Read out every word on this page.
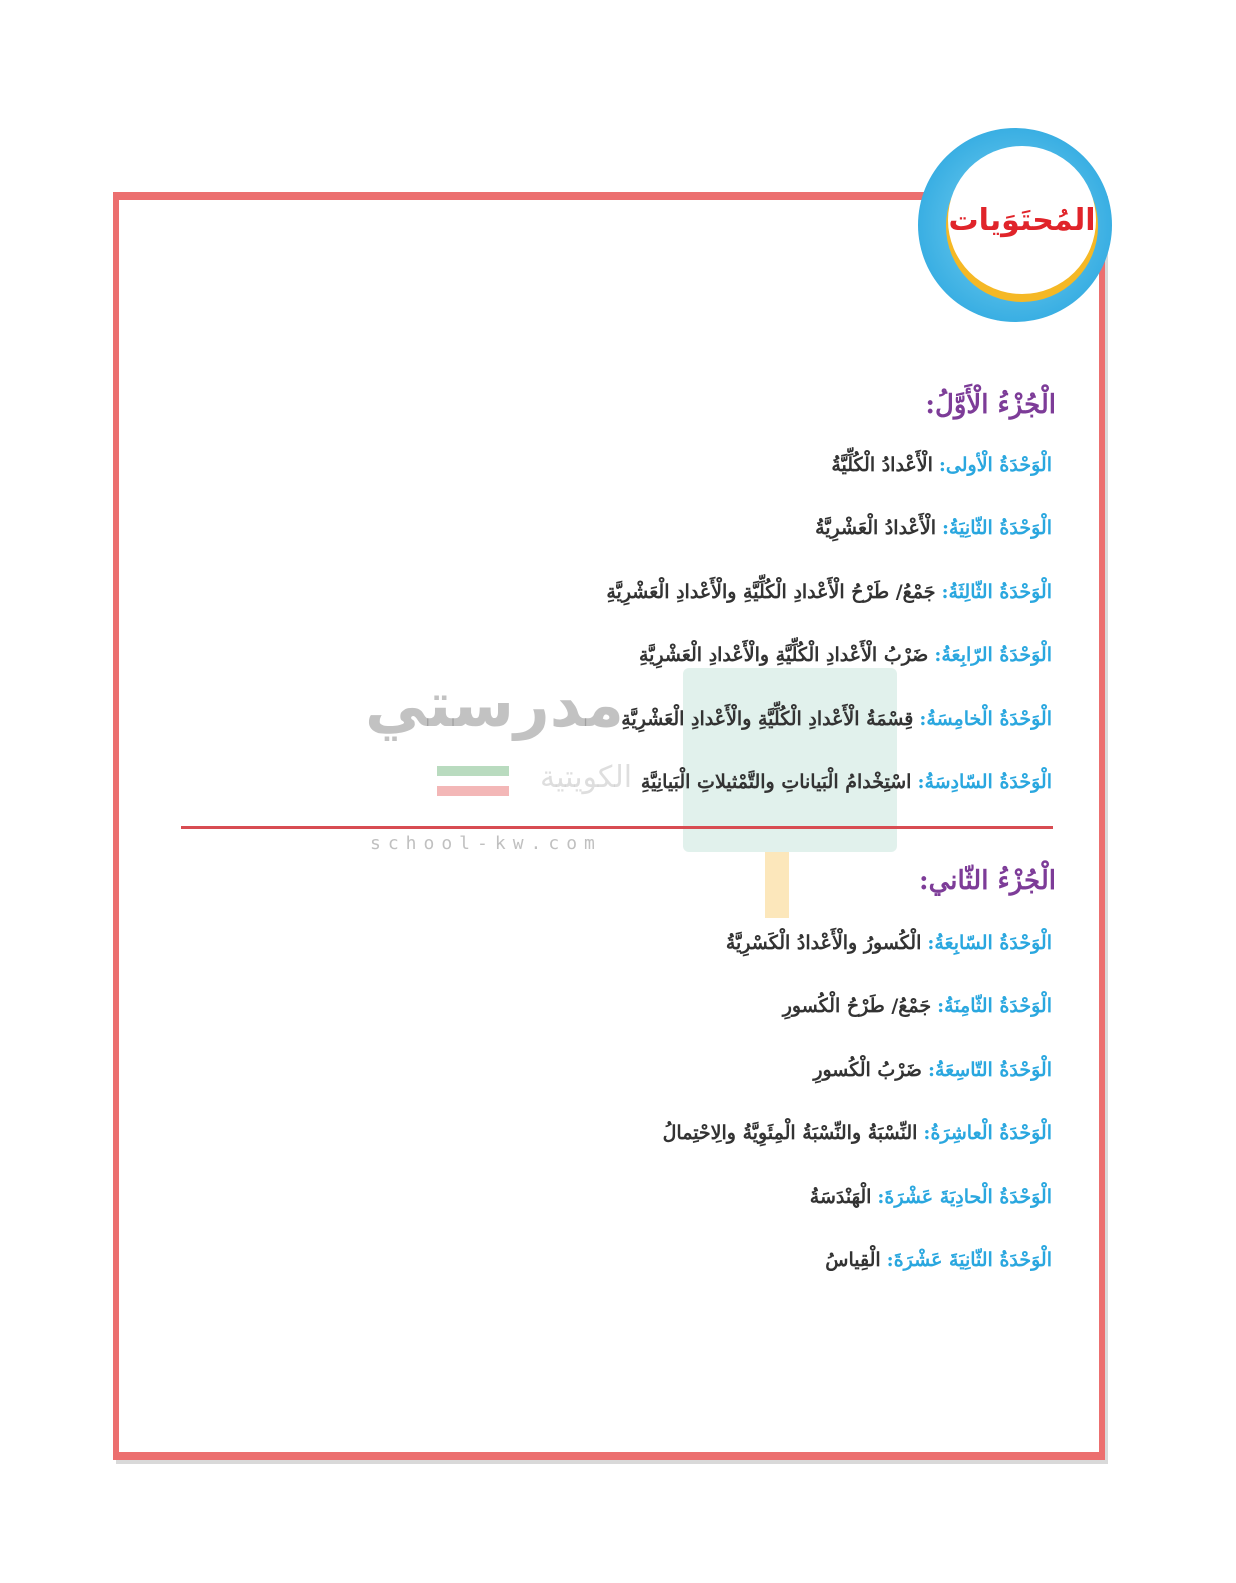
المُحتَوَيات
مدرستي
الكويتية
school-kw.com
الْجُزْءُ الْأَوَّلُ:
الْوَحْدَةُ الْأولى
:
الْأَعْدادُ الْكُلِّيَّةُ
الْوَحْدَةُ الثّانِيَةُ
:
الْأَعْدادُ الْعَشْرِيَّةُ
الْوَحْدَةُ الثّالِثَةُ
:
جَمْعُ/ طَرْحُ الْأَعْدادِ الْكُلِّيَّةِ والْأَعْدادِ الْعَشْرِيَّةِ
الْوَحْدَةُ الرّابِعَةُ
:
ضَرْبُ الْأَعْدادِ الْكُلِّيَّةِ والْأَعْدادِ الْعَشْرِيَّةِ
الْوَحْدَةُ الْخامِسَةُ
:
قِسْمَةُ الْأَعْدادِ الْكُلِّيَّةِ والْأَعْدادِ الْعَشْرِيَّةِ
الْوَحْدَةُ السّادِسَةُ
:
اسْتِخْدامُ الْبَياناتِ والتَّمْثيلاتِ الْبَيانِيَّةِ
الْجُزْءُ الثّاني:
الْوَحْدَةُ السّابِعَةُ
:
الْكُسورُ والْأَعْدادُ الْكَسْرِيَّةُ
الْوَحْدَةُ الثّامِنَةُ
:
جَمْعُ/ طَرْحُ الْكُسورِ
الْوَحْدَةُ التّاسِعَةُ
:
ضَرْبُ الْكُسورِ
الْوَحْدَةُ الْعاشِرَةُ
:
النِّسْبَةُ والنِّسْبَةُ الْمِئَوِيَّةُ والِاحْتِمالُ
الْوَحْدَةُ الْحادِيَةَ عَشْرَةَ
:
الْهَنْدَسَةُ
الْوَحْدَةُ الثّانِيَةَ عَشْرَةَ
:
الْقِياسُ
